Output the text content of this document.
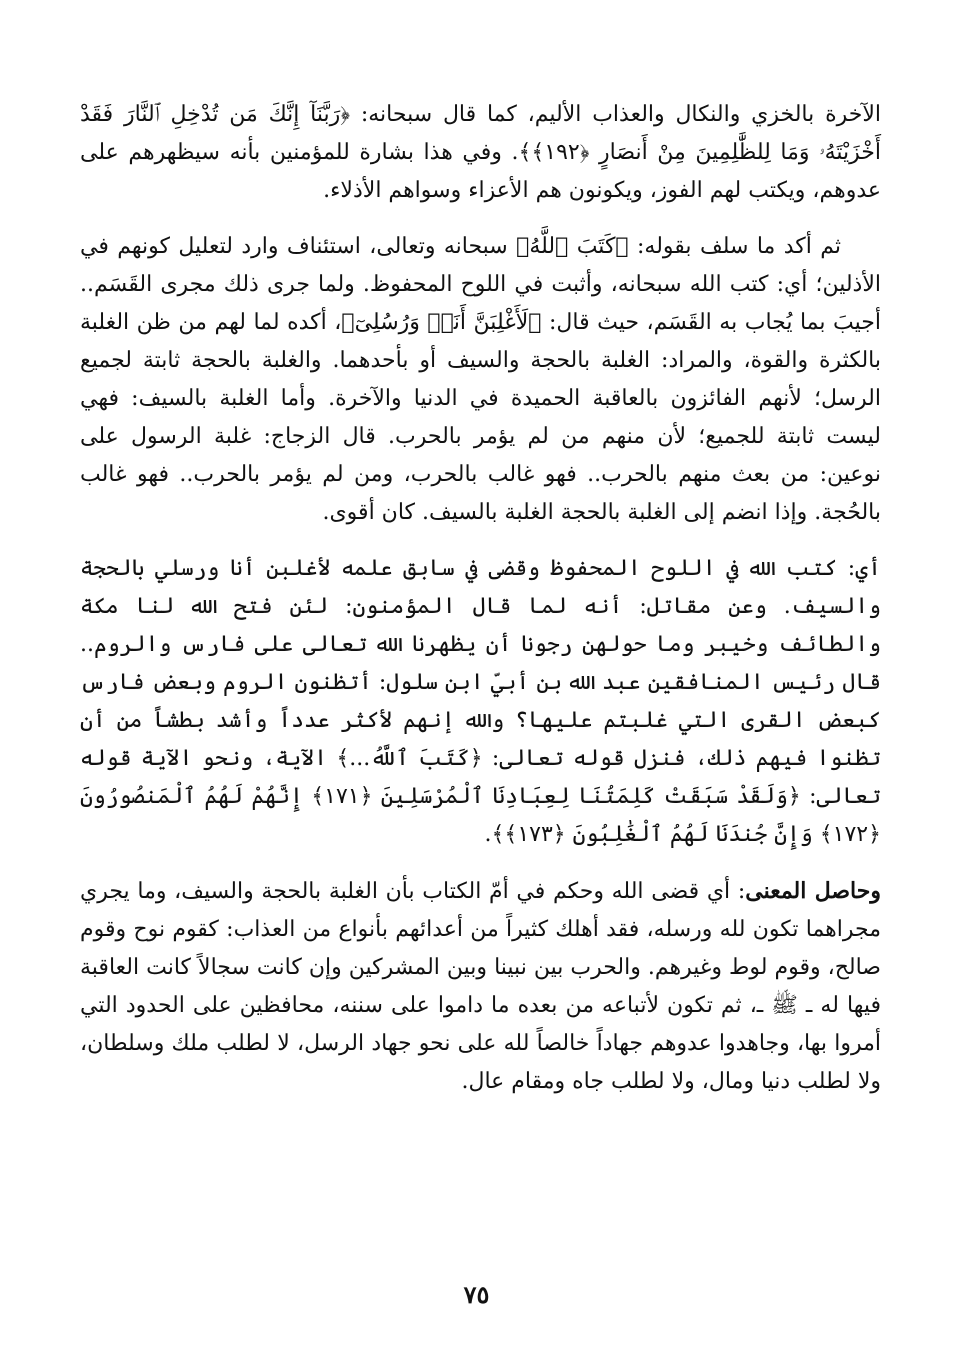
الآخرة بالخزي والنكال والعذاب الأليم، كما قال سبحانه: ﴿رَبَّنَآ إِنَّكَ مَن تُدْخِلِ ٱلنَّارَ فَقَدْ أَخْزَيْتَهُۥ وَمَا لِلظَّٰلِمِينَ مِنْ أَنصَارٍ ﴿١٩٢﴾﴾. وفي هذا بشارة للمؤمنين بأنه سيظهرهم على عدوهم، ويكتب لهم الفوز، ويكونون هم الأعزاء وسواهم الأذلاء.

ثم أكد ما سلف بقوله: ﴿كَتَبَ ٱللَّهُ﴾ سبحانه وتعالى، استئناف وارد لتعليل كونهم في الأذلين؛ أي: كتب الله سبحانه، وأثبت في اللوح المحفوظ. ولما جرى ذلك مجرى القَسَم.. أجيبَ بما يُجاب به القَسَم، حيث قال: ﴿لَأَغْلِبَنَّ أَنَا۠ وَرُسُلِىٓ﴾، أكده لما لهم من ظن الغلبة بالكثرة والقوة، والمراد: الغلبة بالحجة والسيف أو بأحدهما. والغلبة بالحجة ثابتة لجميع الرسل؛ لأنهم الفائزون بالعاقبة الحميدة في الدنيا والآخرة. وأما الغلبة بالسيف: فهي ليست ثابتة للجميع؛ لأن منهم من لم يؤمر بالحرب. قال الزجاج: غلبة الرسول على نوعين: من بعث منهم بالحرب.. فهو غالب بالحرب، ومن لم يؤمر بالحرب.. فهو غالب بالحُجة. وإذا انضم إلى الغلبة بالحجة الغلبة بالسيف. كان أقوى.

أي: كتب الله في اللوح المحفوظ وقضى في سابق علمه لأغلبن أنا ورسلي بالحجة والسيف. وعن مقاتل: أنه لما قال المؤمنون: لئن فتح الله لنا مكة والطائف وخيبر وما حولهن رجونا أن يظهرنا الله تعالى على فارس والروم.. قال رئيس المنافقين عبد الله بن أبيّ ابن سلول: أتظنون الروم وبعض فارس كبعض القرى التي غلبتم عليها؟ والله إنهم لأكثر عدداً وأشد بطشاً من أن تظنوا فيهم ذلك، فنزل قوله تعالى: ﴿كَتَبَ ٱللَّهُ...﴾ الآية، ونحو الآية قوله تعالى: ﴿وَلَقَدْ سَبَقَتْ كَلِمَتُنَا لِعِبَادِنَا ٱلْمُرْسَلِينَ ﴿١٧١﴾ إِنَّهُمْ لَهُمُ ٱلْمَنصُورُونَ ﴿١٧٢﴾ وَإِنَّ جُندَنَا لَهُمُ ٱلْغَٰلِبُونَ ﴿١٧٣﴾﴾.

وحاصل المعنى: أي قضى الله وحكم في أمّ الكتاب بأن الغلبة بالحجة والسيف، وما يجري مجراهما تكون لله ورسله، فقد أهلك كثيراً من أعدائهم بأنواع من العذاب: كقوم نوح وقوم صالح، وقوم لوط وغيرهم. والحرب بين نبينا وبين المشركين وإن كانت سجالاً كانت العاقبة فيها له ـ ﷺ ـ، ثم تكون لأتباعه من بعده ما داموا على سننه، محافظين على الحدود التي أمروا بها، وجاهدوا عدوهم جهاداً خالصاً لله على نحو جهاد الرسل، لا لطلب ملك وسلطان، ولا لطلب دنيا ومال، ولا لطلب جاه ومقام عال.

٧٥
